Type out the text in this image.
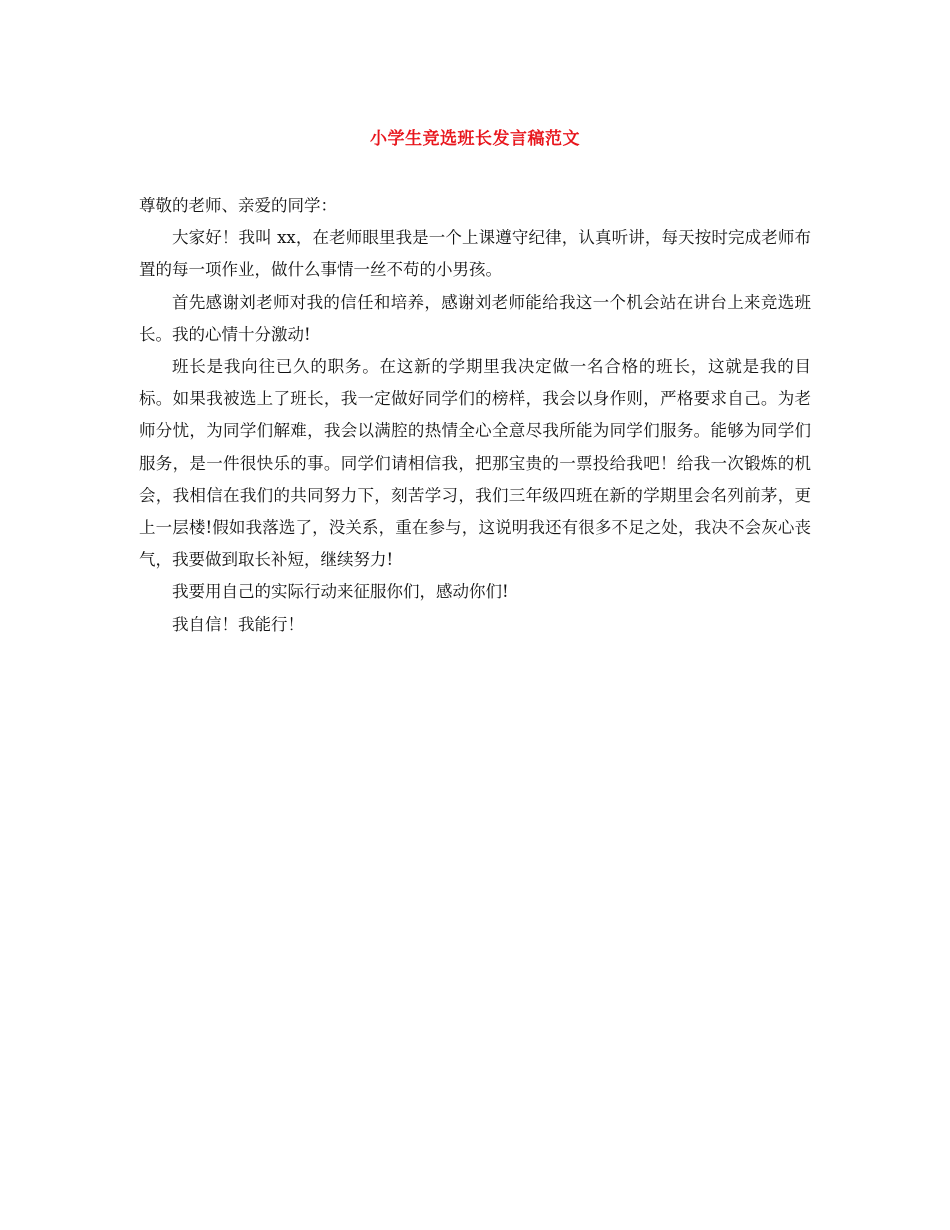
小学生竞选班长发言稿范文

尊敬的老师、亲爱的同学：

大家好！我叫 xx，在老师眼里我是一个上课遵守纪律，认真听讲，每天按时完成老师布置的每一项作业，做什么事情一丝不苟的小男孩。

首先感谢刘老师对我的信任和培养，感谢刘老师能给我这一个机会站在讲台上来竞选班长。我的心情十分激动!

班长是我向往已久的职务。在这新的学期里我决定做一名合格的班长，这就是我的目标。如果我被选上了班长，我一定做好同学们的榜样，我会以身作则，严格要求自己。为老师分忧，为同学们解难，我会以满腔的热情全心全意尽我所能为同学们服务。能够为同学们服务，是一件很快乐的事。同学们请相信我，把那宝贵的一票投给我吧！给我一次锻炼的机会，我相信在我们的共同努力下，刻苦学习，我们三年级四班在新的学期里会名列前茅，更上一层楼!假如我落选了，没关系，重在参与，这说明我还有很多不足之处，我决不会灰心丧气，我要做到取长补短，继续努力!

我要用自己的实际行动来征服你们，感动你们!

我自信！我能行！
